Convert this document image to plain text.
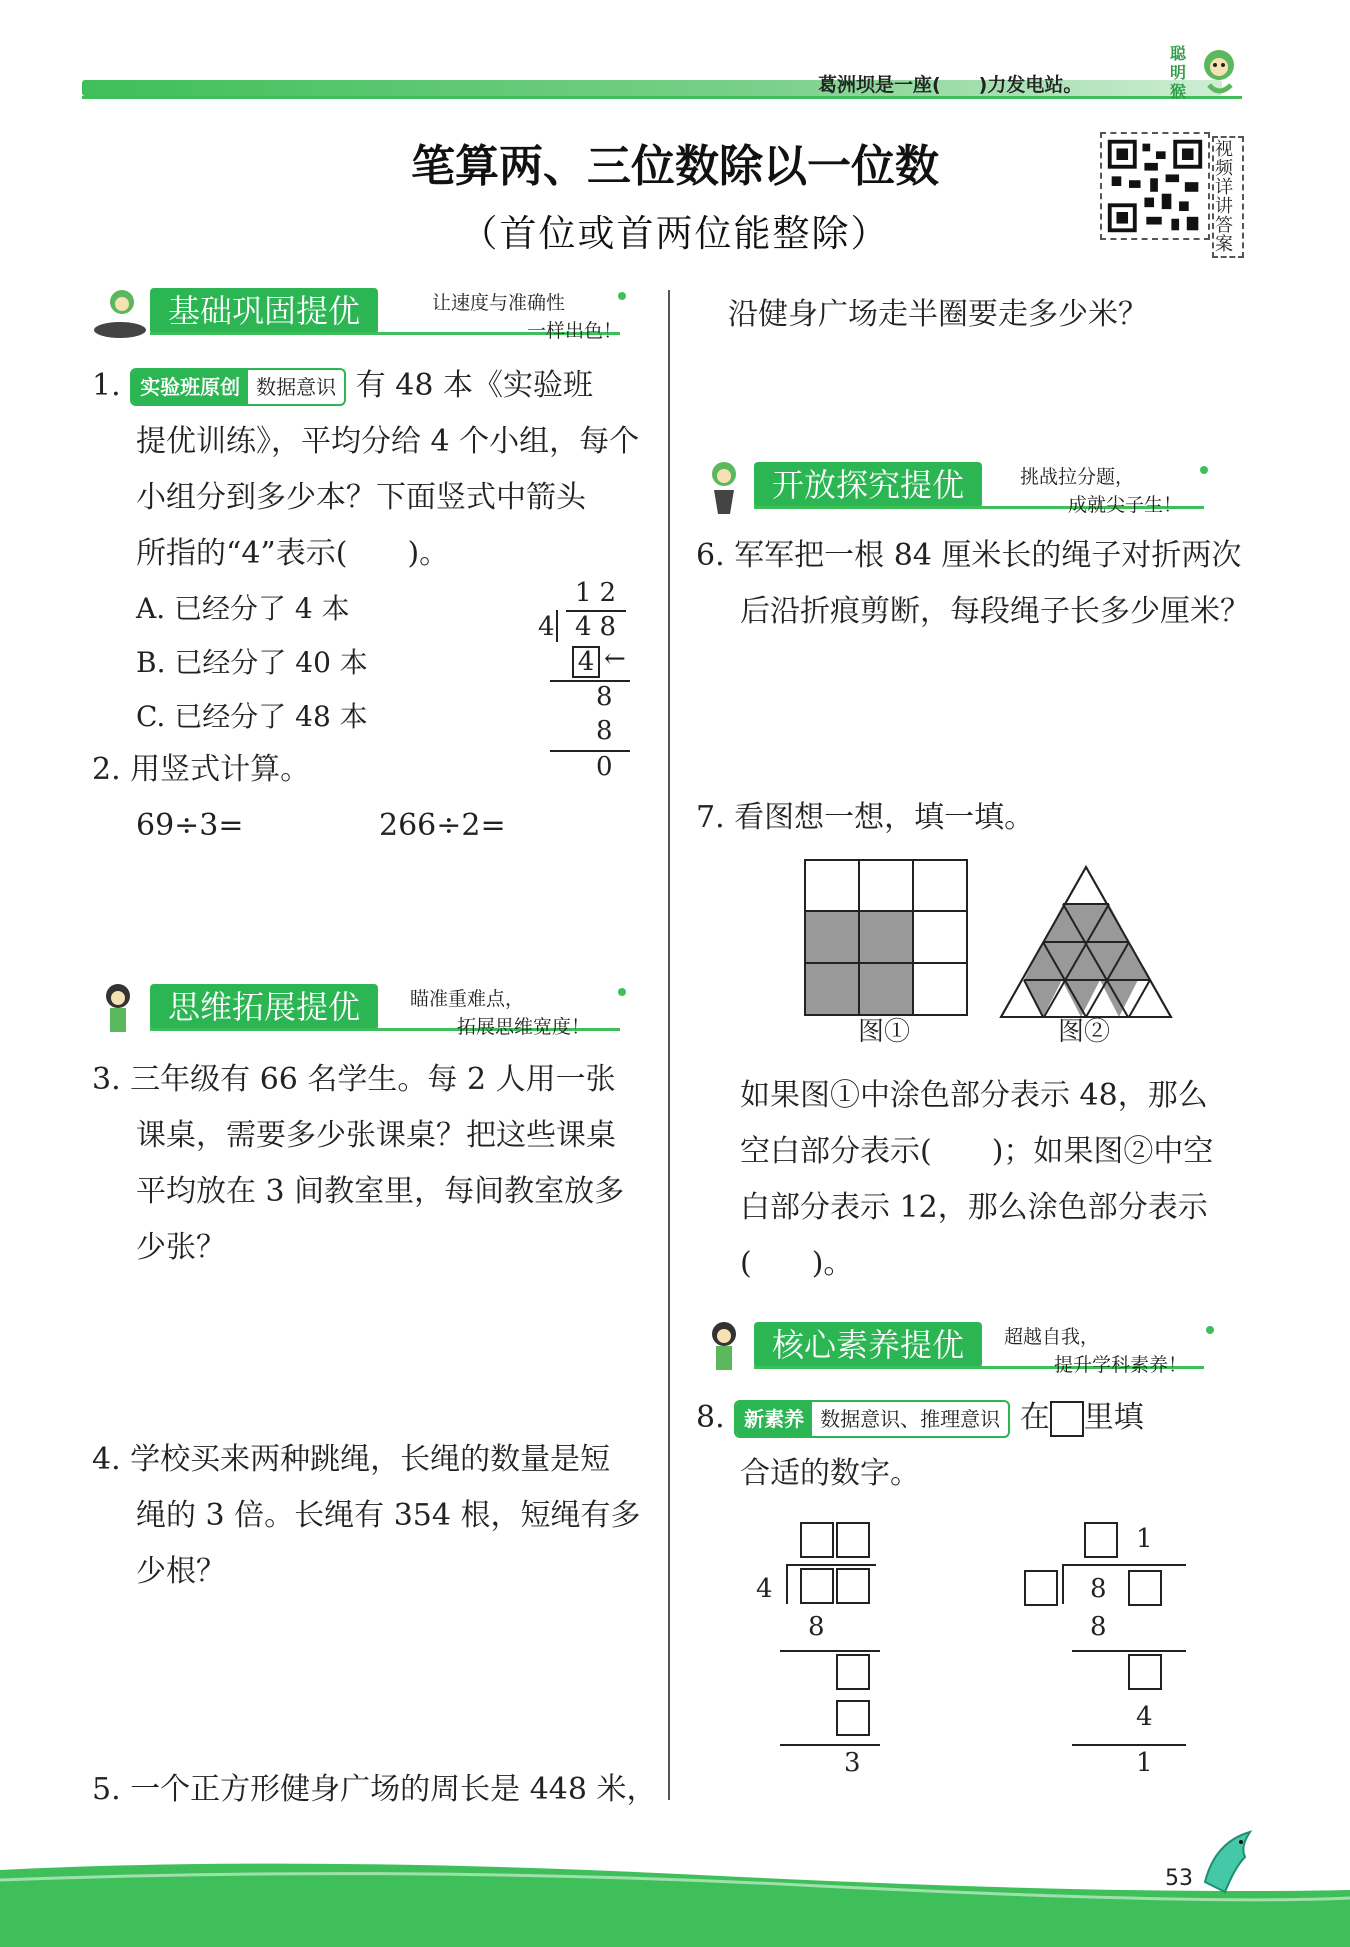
葛洲坝是一座(　　)力发电站。
聪明猴
笔算两、三位数除以一位数
（首位或首两位能整除）
视频详讲答案
基础巩固提优	让速度与准确性
一样出色！
1. 实验班原创 数据意识 有 48 本《实验班
提优训练》，平均分给 4 个小组，每个
小组分到多少本？下面竖式中箭头
所指的“4”表示(　　)。
A. 已经分了 4 本
B. 已经分了 40 本
C. 已经分了 48 本
12
4 48
4 ←
8
8
0
2. 用竖式计算。
69÷3=	266÷2=
思维拓展提优	瞄准重难点，
拓展思维宽度！
3. 三年级有 66 名学生。每 2 人用一张
课桌，需要多少张课桌？把这些课桌
平均放在 3 间教室里，每间教室放多
少张？
4. 学校买来两种跳绳，长绳的数量是短
绳的 3 倍。长绳有 354 根，短绳有多
少根？
5. 一个正方形健身广场的周长是 448 米，
沿健身广场走半圈要走多少米？
开放探究提优	挑战拉分题，
成就尖子生！
6. 军军把一根 84 厘米长的绳子对折两次
后沿折痕剪断，每段绳子长多少厘米？
7. 看图想一想，填一填。
图①	图②
如果图①中涂色部分表示 48，那么
空白部分表示(　　)；如果图②中空
白部分表示 12，那么涂色部分表示
(　　)。
核心素养提优	超越自我，
提升学科素养！
8. 新素养 数据意识、推理意识 在 里填
合适的数字。
4
8
3
1
8
8
4
1
53
